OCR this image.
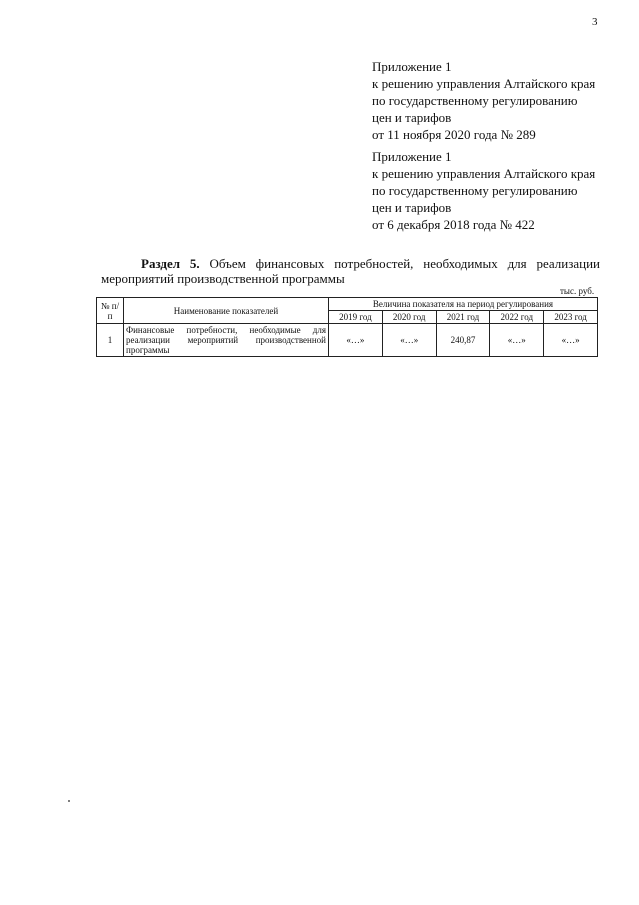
3
Приложение 1
к решению управления Алтайского края
по государственному регулированию
цен и тарифов
от 11 ноября 2020 года № 289
Приложение 1
к решению управления Алтайского края
по государственному регулированию
цен и тарифов
от 6 декабря 2018 года № 422
Раздел 5. Объем финансовых потребностей, необходимых для реализации
мероприятий производственной программы
тыс. руб.
№ п/п	Наименование показателей	Величина показателя на период регулирования				
		2019 год	2020 год	2021 год	2022 год	2023 год
1	Финансовые потребности, необходимые для реализации мероприятий производственной программы	«…»	«…»	240,87	«…»	«…»
